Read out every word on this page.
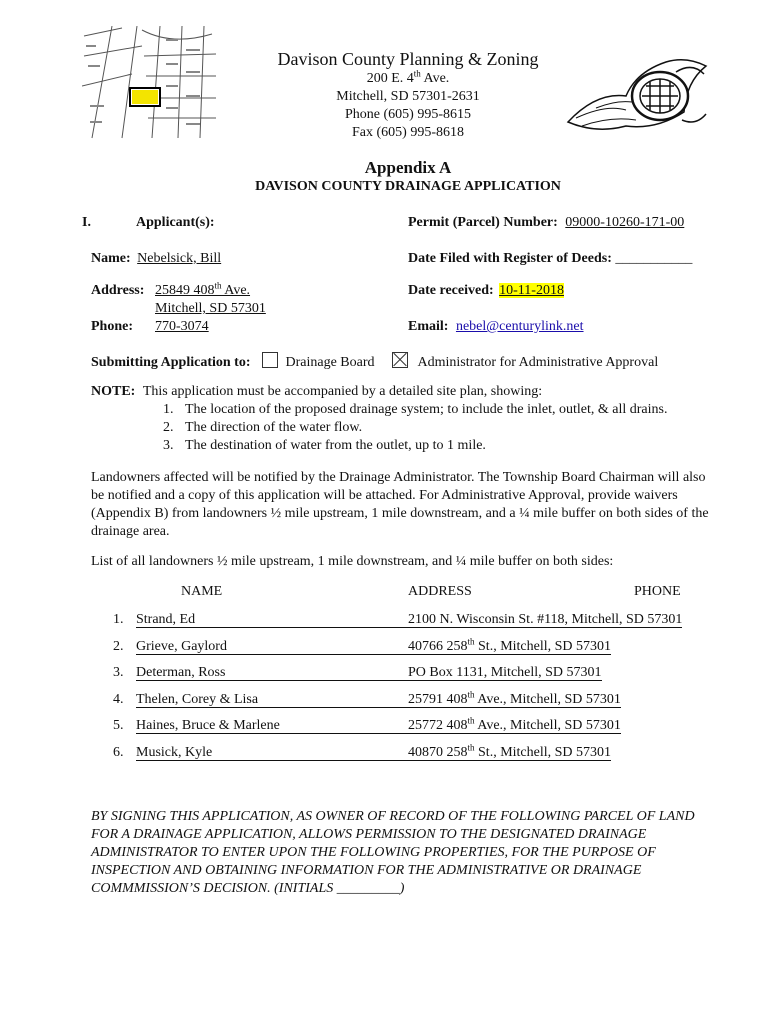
Davison County Planning & Zoning
200 E. 4th Ave.
Mitchell, SD 57301-2631
Phone (605) 995-8615
Fax (605) 995-8618
Appendix A
DAVISON COUNTY DRAINAGE APPLICATION
I.	Applicant(s):	Permit (Parcel) Number: 09000-10260-171-00
Name: Nebelsick, Bill	Date Filed with Register of Deeds: ___________
Address: 25849 408th Ave.
Mitchell, SD 57301
Date received: 10-11-2018
Phone: 770-3074	Email: nebel@centurylink.net
Submitting Application to:	Drainage Board	Administrator for Administrative Approval
NOTE: This application must be accompanied by a detailed site plan, showing:
1. The location of the proposed drainage system; to include the inlet, outlet, & all drains.
2. The direction of the water flow.
3. The destination of water from the outlet, up to 1 mile.
Landowners affected will be notified by the Drainage Administrator. The Township Board Chairman will also be notified and a copy of this application will be attached. For Administrative Approval, provide waivers (Appendix B) from landowners ½ mile upstream, 1 mile downstream, and a ¼ mile buffer on both sides of the drainage area.
List of all landowners ½ mile upstream, 1 mile downstream, and ¼ mile buffer on both sides:
NAME	ADDRESS	PHONE
1. Strand, Ed	2100 N. Wisconsin St. #118, Mitchell, SD 57301
2. Grieve, Gaylord	40766 258th St., Mitchell, SD 57301
3. Determan, Ross	PO Box 1131, Mitchell, SD 57301
4. Thelen, Corey & Lisa	25791 408th Ave., Mitchell, SD 57301
5. Haines, Bruce & Marlene	25772 408th Ave., Mitchell, SD 57301
6. Musick, Kyle	40870 258th St., Mitchell, SD 57301
BY SIGNING THIS APPLICATION, AS OWNER OF RECORD OF THE FOLLOWING PARCEL OF LAND FOR A DRAINAGE APPLICATION, ALLOWS PERMISSION TO THE DESIGNATED DRAINAGE ADMINISTRATOR TO ENTER UPON THE FOLLOWING PROPERTIES, FOR THE PURPOSE OF INSPECTION AND OBTAINING INFORMATION FOR THE ADMINISTRATIVE OR DRAINAGE COMMMISSION’S DECISION. (INITIALS _________)
